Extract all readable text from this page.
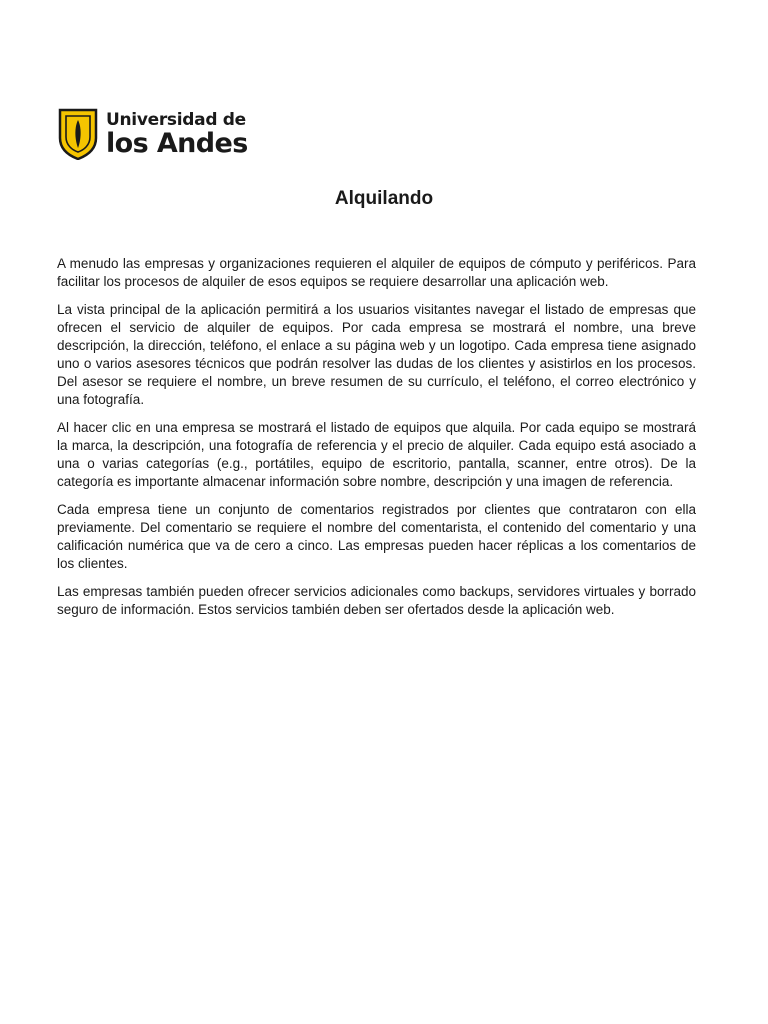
Universidad de
los Andes
Alquilando

A menudo las empresas y organizaciones requieren el alquiler de equipos de cómputo y periféricos. Para facilitar los procesos de alquiler de esos equipos se requiere desarrollar una aplicación web.

La vista principal de la aplicación permitirá a los usuarios visitantes navegar el listado de empresas que ofrecen el servicio de alquiler de equipos. Por cada empresa se mostrará el nombre, una breve descripción, la dirección, teléfono, el enlace a su página web y un logotipo. Cada empresa tiene asignado uno o varios asesores técnicos que podrán resolver las dudas de los clientes y asistirlos en los procesos. Del asesor se requiere el nombre, un breve resumen de su currículo, el teléfono, el correo electrónico y una fotografía.

Al hacer clic en una empresa se mostrará el listado de equipos que alquila. Por cada equipo se mostrará la marca, la descripción, una fotografía de referencia y el precio de alquiler. Cada equipo está asociado a una o varias categorías (e.g., portátiles, equipo de escritorio, pantalla, scanner, entre otros). De la categoría es importante almacenar información sobre nombre, descripción y una imagen de referencia.

Cada empresa tiene un conjunto de comentarios registrados por clientes que contrataron con ella previamente. Del comentario se requiere el nombre del comentarista, el contenido del comentario y una calificación numérica que va de cero a cinco. Las empresas pueden hacer réplicas a los comentarios de los clientes.

Las empresas también pueden ofrecer servicios adicionales como backups, servidores virtuales y borrado seguro de información. Estos servicios también deben ser ofertados desde la aplicación web.
